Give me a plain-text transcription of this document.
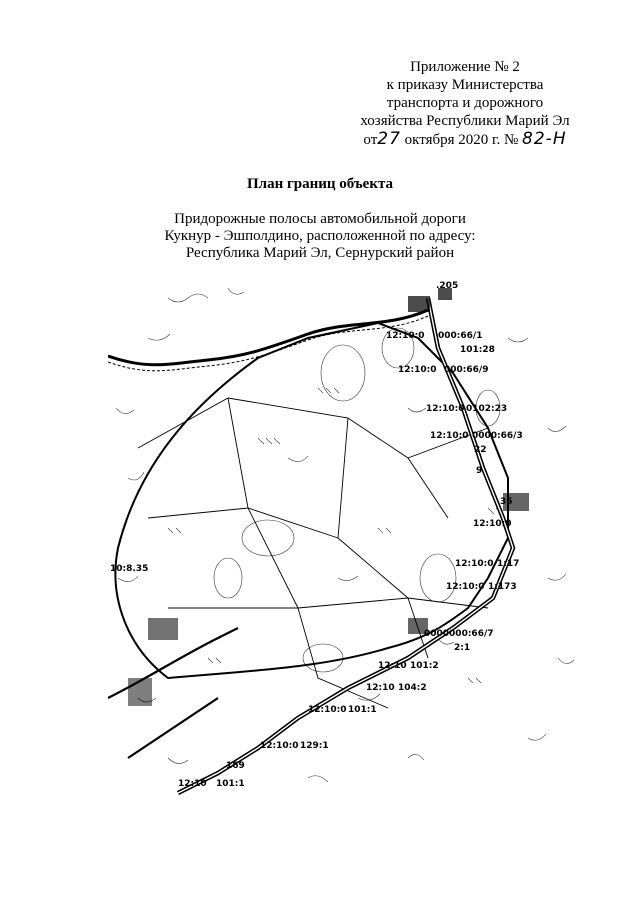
Приложение № 2
к приказу Министерства
транспорта и дорожного
хозяйства Республики Марий Эл
от27 октября 2020 г. № 82-Н
План границ объекта
Придорожные полосы автомобильной дороги
Кукнур - Эшполдино, расположенной по адресу:
Республика Марий Эл, Сернурский район
12:10:0 000:66/1
101:28
12:10:0 000:66/9
12:10:0 0102:23
12:10:0 0000:66/3
12:10:0
12:10:0 1:17
12:10:0 1:173
0000000:66/7
2:1
12:10 101:2
12:10 104:2
12:10:0 101:1
12:10:0 129:1
12:10 101:1
10:8.35
35
22
9
169
.205
